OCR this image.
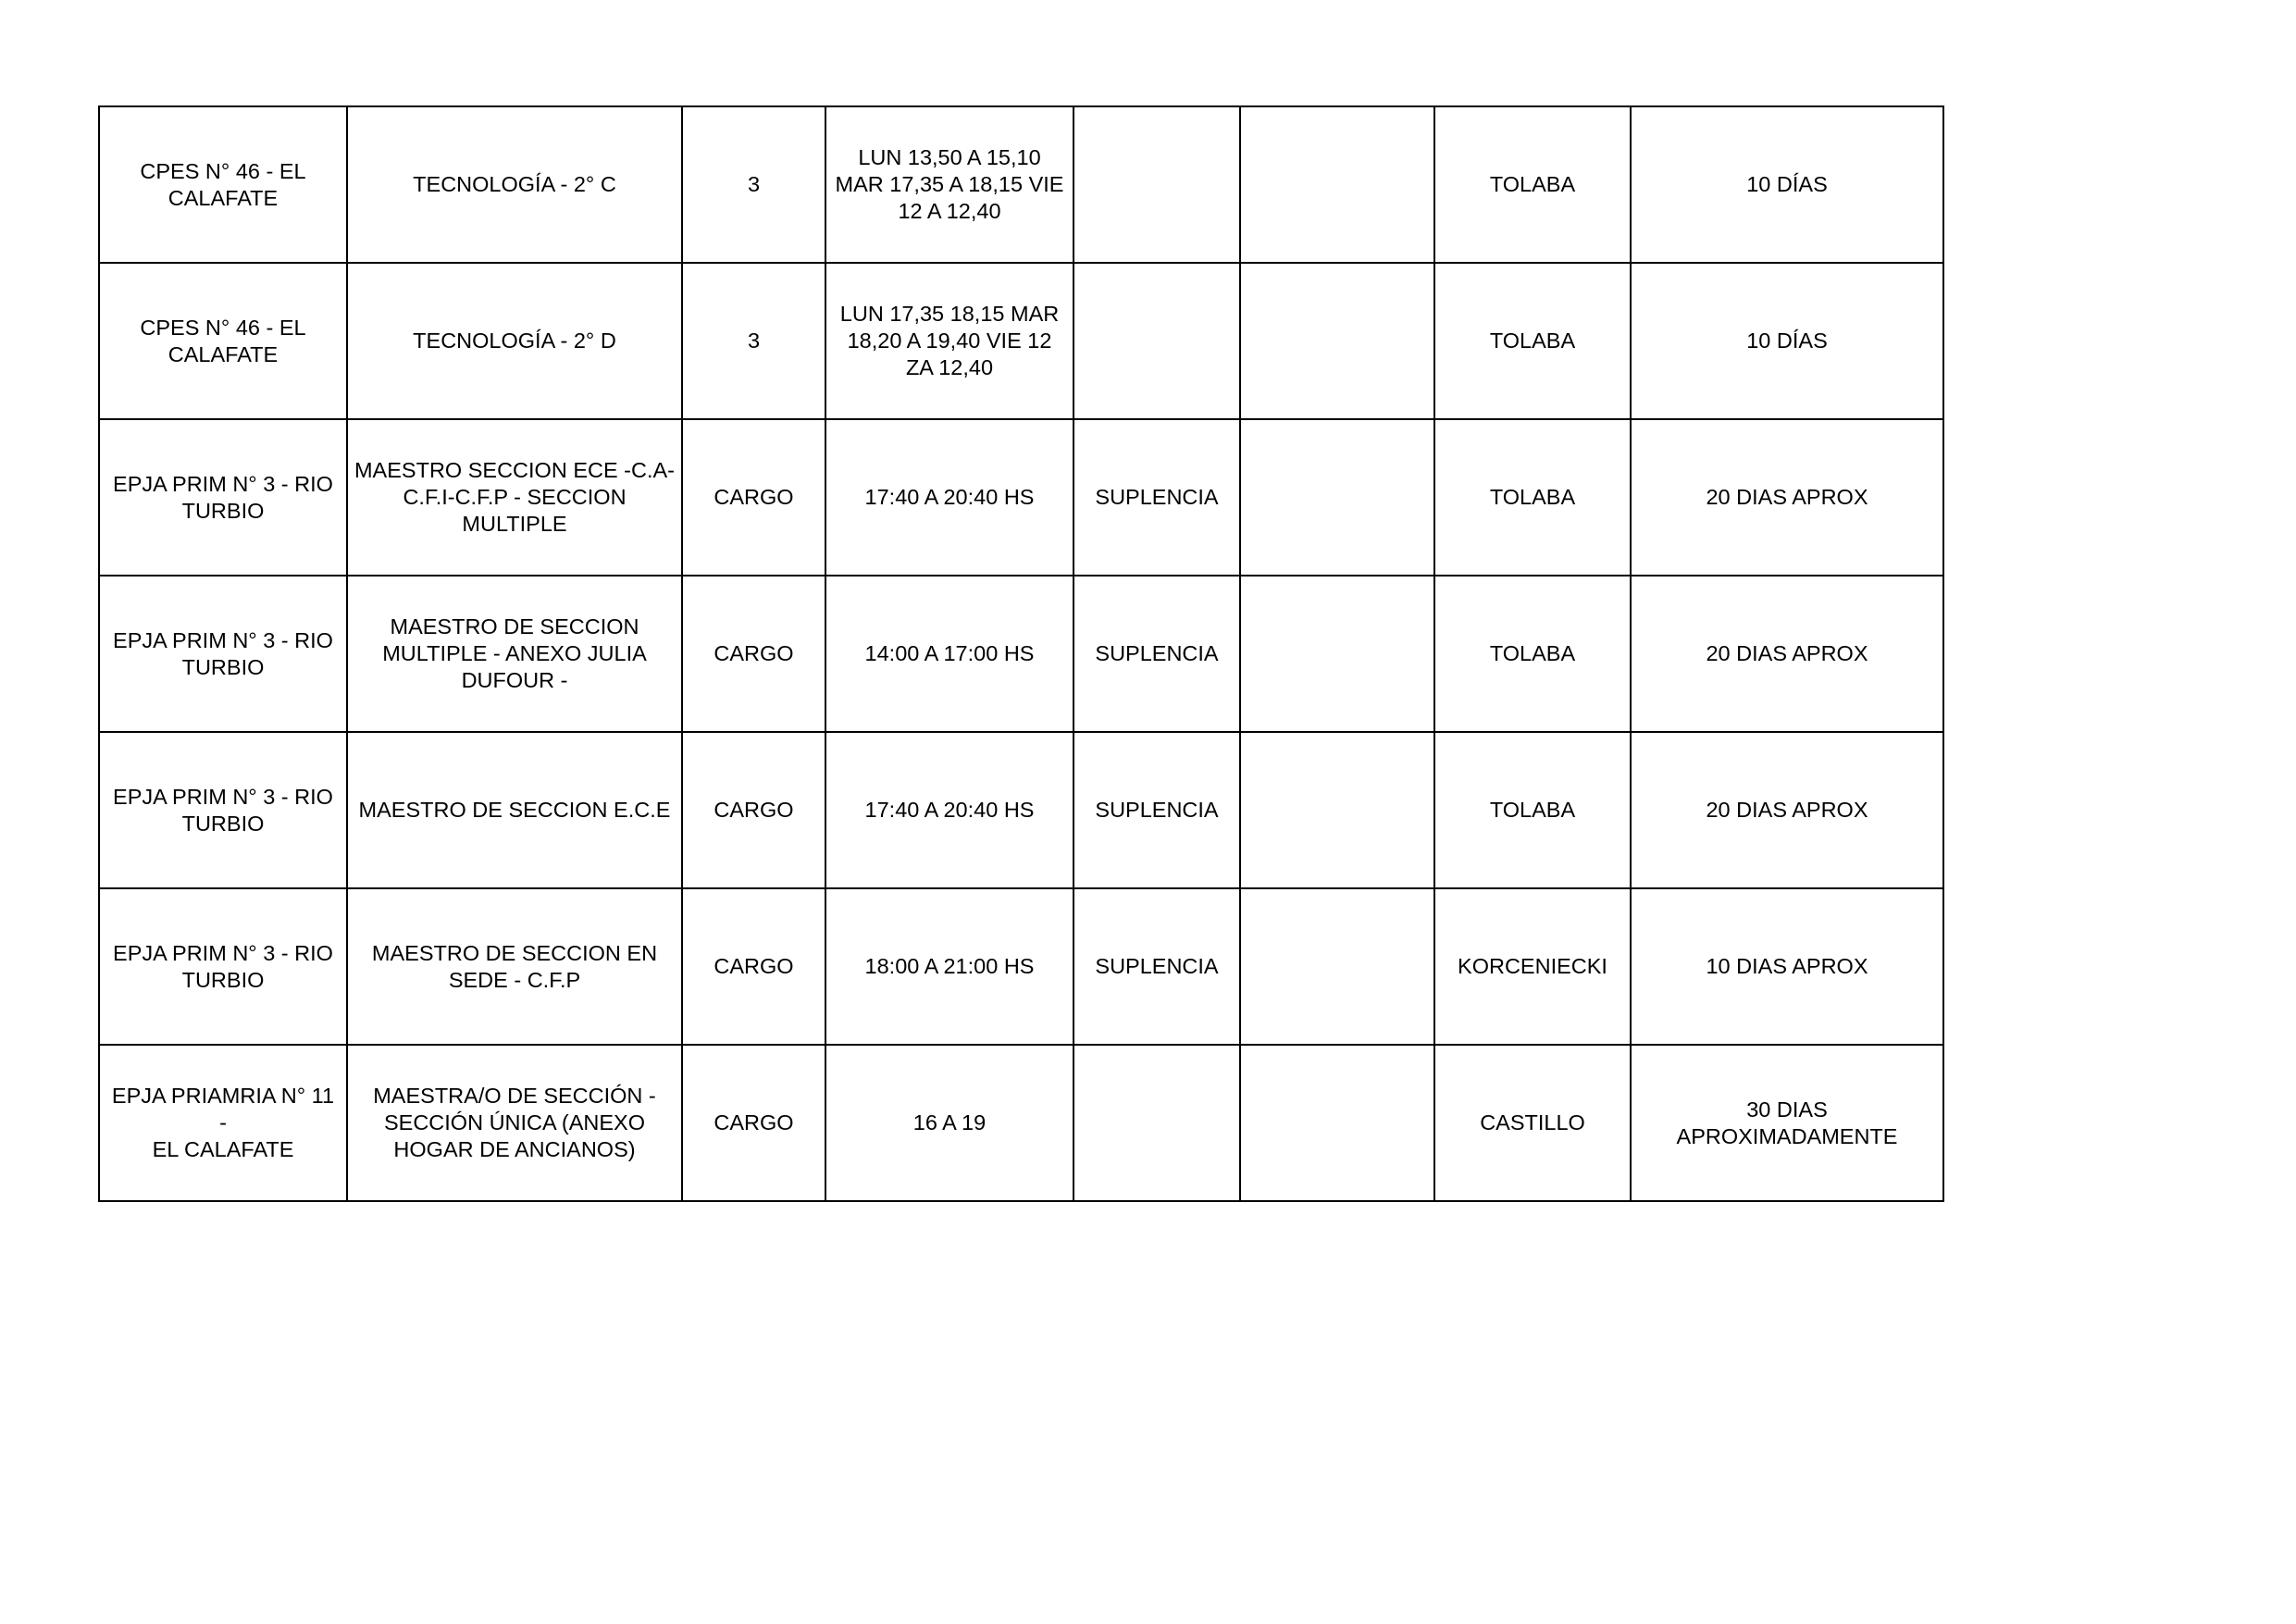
CPES N° 46 - EL
CALAFATE	TECNOLOGÍA - 2° C	3	LUN 13,50 A 15,10
MAR 17,35 A 18,15 VIE
12 A 12,40			TOLABA	10 DÍAS
CPES N° 46 - EL
CALAFATE	TECNOLOGÍA - 2° D	3	LUN 17,35 18,15 MAR
18,20 A 19,40 VIE 12
ZA 12,40			TOLABA	10 DÍAS
EPJA PRIM N° 3 - RIO
TURBIO	MAESTRO SECCION ECE -C.A-
C.F.I-C.F.P - SECCION
MULTIPLE	CARGO	17:40 A 20:40 HS	SUPLENCIA		TOLABA	20 DIAS APROX
EPJA PRIM N° 3 - RIO
TURBIO	MAESTRO DE SECCION
MULTIPLE - ANEXO JULIA
DUFOUR -	CARGO	14:00 A 17:00 HS	SUPLENCIA		TOLABA	20 DIAS APROX
EPJA PRIM N° 3 - RIO
TURBIO	MAESTRO DE SECCION E.C.E	CARGO	17:40 A 20:40 HS	SUPLENCIA		TOLABA	20 DIAS APROX
EPJA PRIM N° 3 - RIO
TURBIO	MAESTRO DE SECCION EN
SEDE - C.F.P	CARGO	18:00 A 21:00 HS	SUPLENCIA		KORCENIECKI	10 DIAS APROX
EPJA PRIAMRIA N° 11 -
EL CALAFATE	MAESTRA/O DE SECCIÓN -
SECCIÓN ÚNICA (ANEXO
HOGAR DE ANCIANOS)	CARGO	16 A 19			CASTILLO	30 DIAS
APROXIMADAMENTE
